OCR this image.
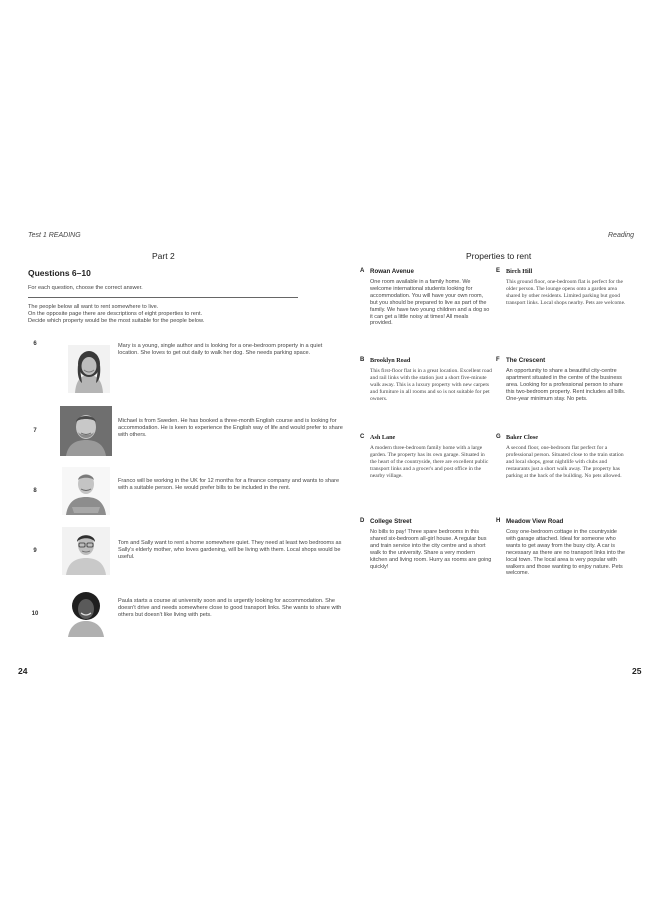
Test 1 READING	Reading
Part 2
Questions 6–10
For each question, choose the correct answer.
The people below all want to rent somewhere to live.
On the opposite page there are descriptions of eight properties to rent.
Decide which property would be the most suitable for the people below.
6	Mary is a young, single author and is looking for a one-bedroom property in a quiet location. She loves to get out daily to walk her dog. She needs parking space.
7
Michael is from Sweden. He has booked a three-month English course and is looking for accommodation. He is keen to experience the English way of life and would prefer to share with others.
8
Franco will be working in the UK for 12 months for a finance company and wants to share with a suitable person. He would prefer bills to be included in the rent.
9
Tom and Sally want to rent a home somewhere quiet. They need at least two bedrooms as Sally's elderly mother, who loves gardening, will be living with them. Local shops would be useful.
10
Paula starts a course at university soon and is urgently looking for accommodation. She doesn't drive and needs somewhere close to good transport links. She wants to share with others but doesn't like living with pets.
24
Properties to rent
A Rowan Avenue
One room available in a family home. We welcome international students looking for accommodation. You will have your own room, but you should be prepared to live as part of the family. We have two young children and a dog so it can get a little noisy at times! All meals provided.
B Brooklyn Road
This first-floor flat is in a great location. Excellent road and rail links with the station just a short five-minute walk away. This is a luxury property with new carpets and furniture in all rooms and so is not suitable for pet owners.
C Ash Lane
A modern three-bedroom family home with a large garden. The property has its own garage. Situated in the heart of the countryside, there are excellent public transport links and a grocer's and post office in the nearby village.
D College Street
No bills to pay! Three spare bedrooms in this shared six-bedroom all-girl house. A regular bus and train service into the city centre and a short walk to the university. Share a very modern kitchen and living room. Hurry as rooms are going quickly!
E Birch Hill
This ground floor, one-bedroom flat is perfect for the older person. The lounge opens onto a garden area shared by other residents. Limited parking but good transport links. Local shops nearby. Pets are welcome.
F	The Crescent
An opportunity to share a beautiful city-centre apartment situated in the centre of the business area. Looking for a professional person to share this two-bedroom property. Rent includes all bills. One-year minimum stay. No pets.
G Baker Close
A second floor, one-bedroom flat perfect for a professional person. Situated close to the train station and local shops, great nightlife with clubs and restaurants just a short walk away. The property has parking at the back of the building. No pets allowed.
H Meadow View Road
Cosy one-bedroom cottage in the countryside with garage attached. Ideal for someone who wants to get away from the busy city. A car is necessary as there are no transport links into the local town. The local area is very popular with walkers and those wanting to enjoy nature. Pets welcome.
25
